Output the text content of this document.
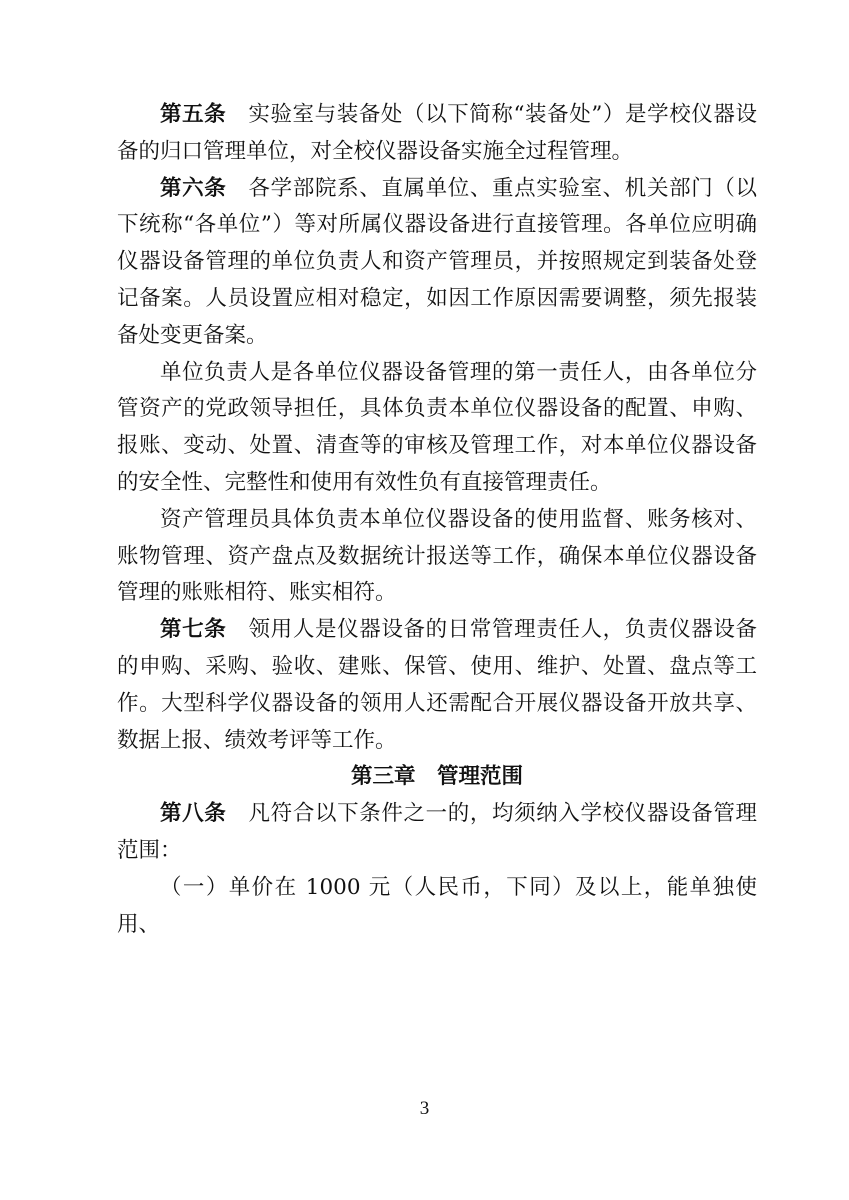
第五条　 实验室与装备处（以下简称“装备处”）是学校仪器设备的归口管理单位，对全校仪器设备实施全过程管理。

第六条　 各学部院系、直属单位、重点实验室、机关部门（以下统称“各单位”）等对所属仪器设备进行直接管理。各单位应明确仪器设备管理的单位负责人和资产管理员，并按照规定到装备处登记备案。人员设置应相对稳定，如因工作原因需要调整，须先报装备处变更备案。

单位负责人是各单位仪器设备管理的第一责任人，由各单位分管资产的党政领导担任，具体负责本单位仪器设备的配置、申购、报账、变动、处置、清查等的审核及管理工作，对本单位仪器设备的安全性、完整性和使用有效性负有直接管理责任。

资产管理员具体负责本单位仪器设备的使用监督、账务核对、账物管理、资产盘点及数据统计报送等工作，确保本单位仪器设备管理的账账相符、账实相符。

第七条　 领用人是仪器设备的日常管理责任人，负责仪器设备的申购、采购、验收、建账、保管、使用、维护、处置、盘点等工作。大型科学仪器设备的领用人还需配合开展仪器设备开放共享、数据上报、绩效考评等工作。

第三章　管理范围

第八条　 凡符合以下条件之一的，均须纳入学校仪器设备管理范围：

（一）单价在 1000 元（人民币，下同）及以上，能单独使用、

3
